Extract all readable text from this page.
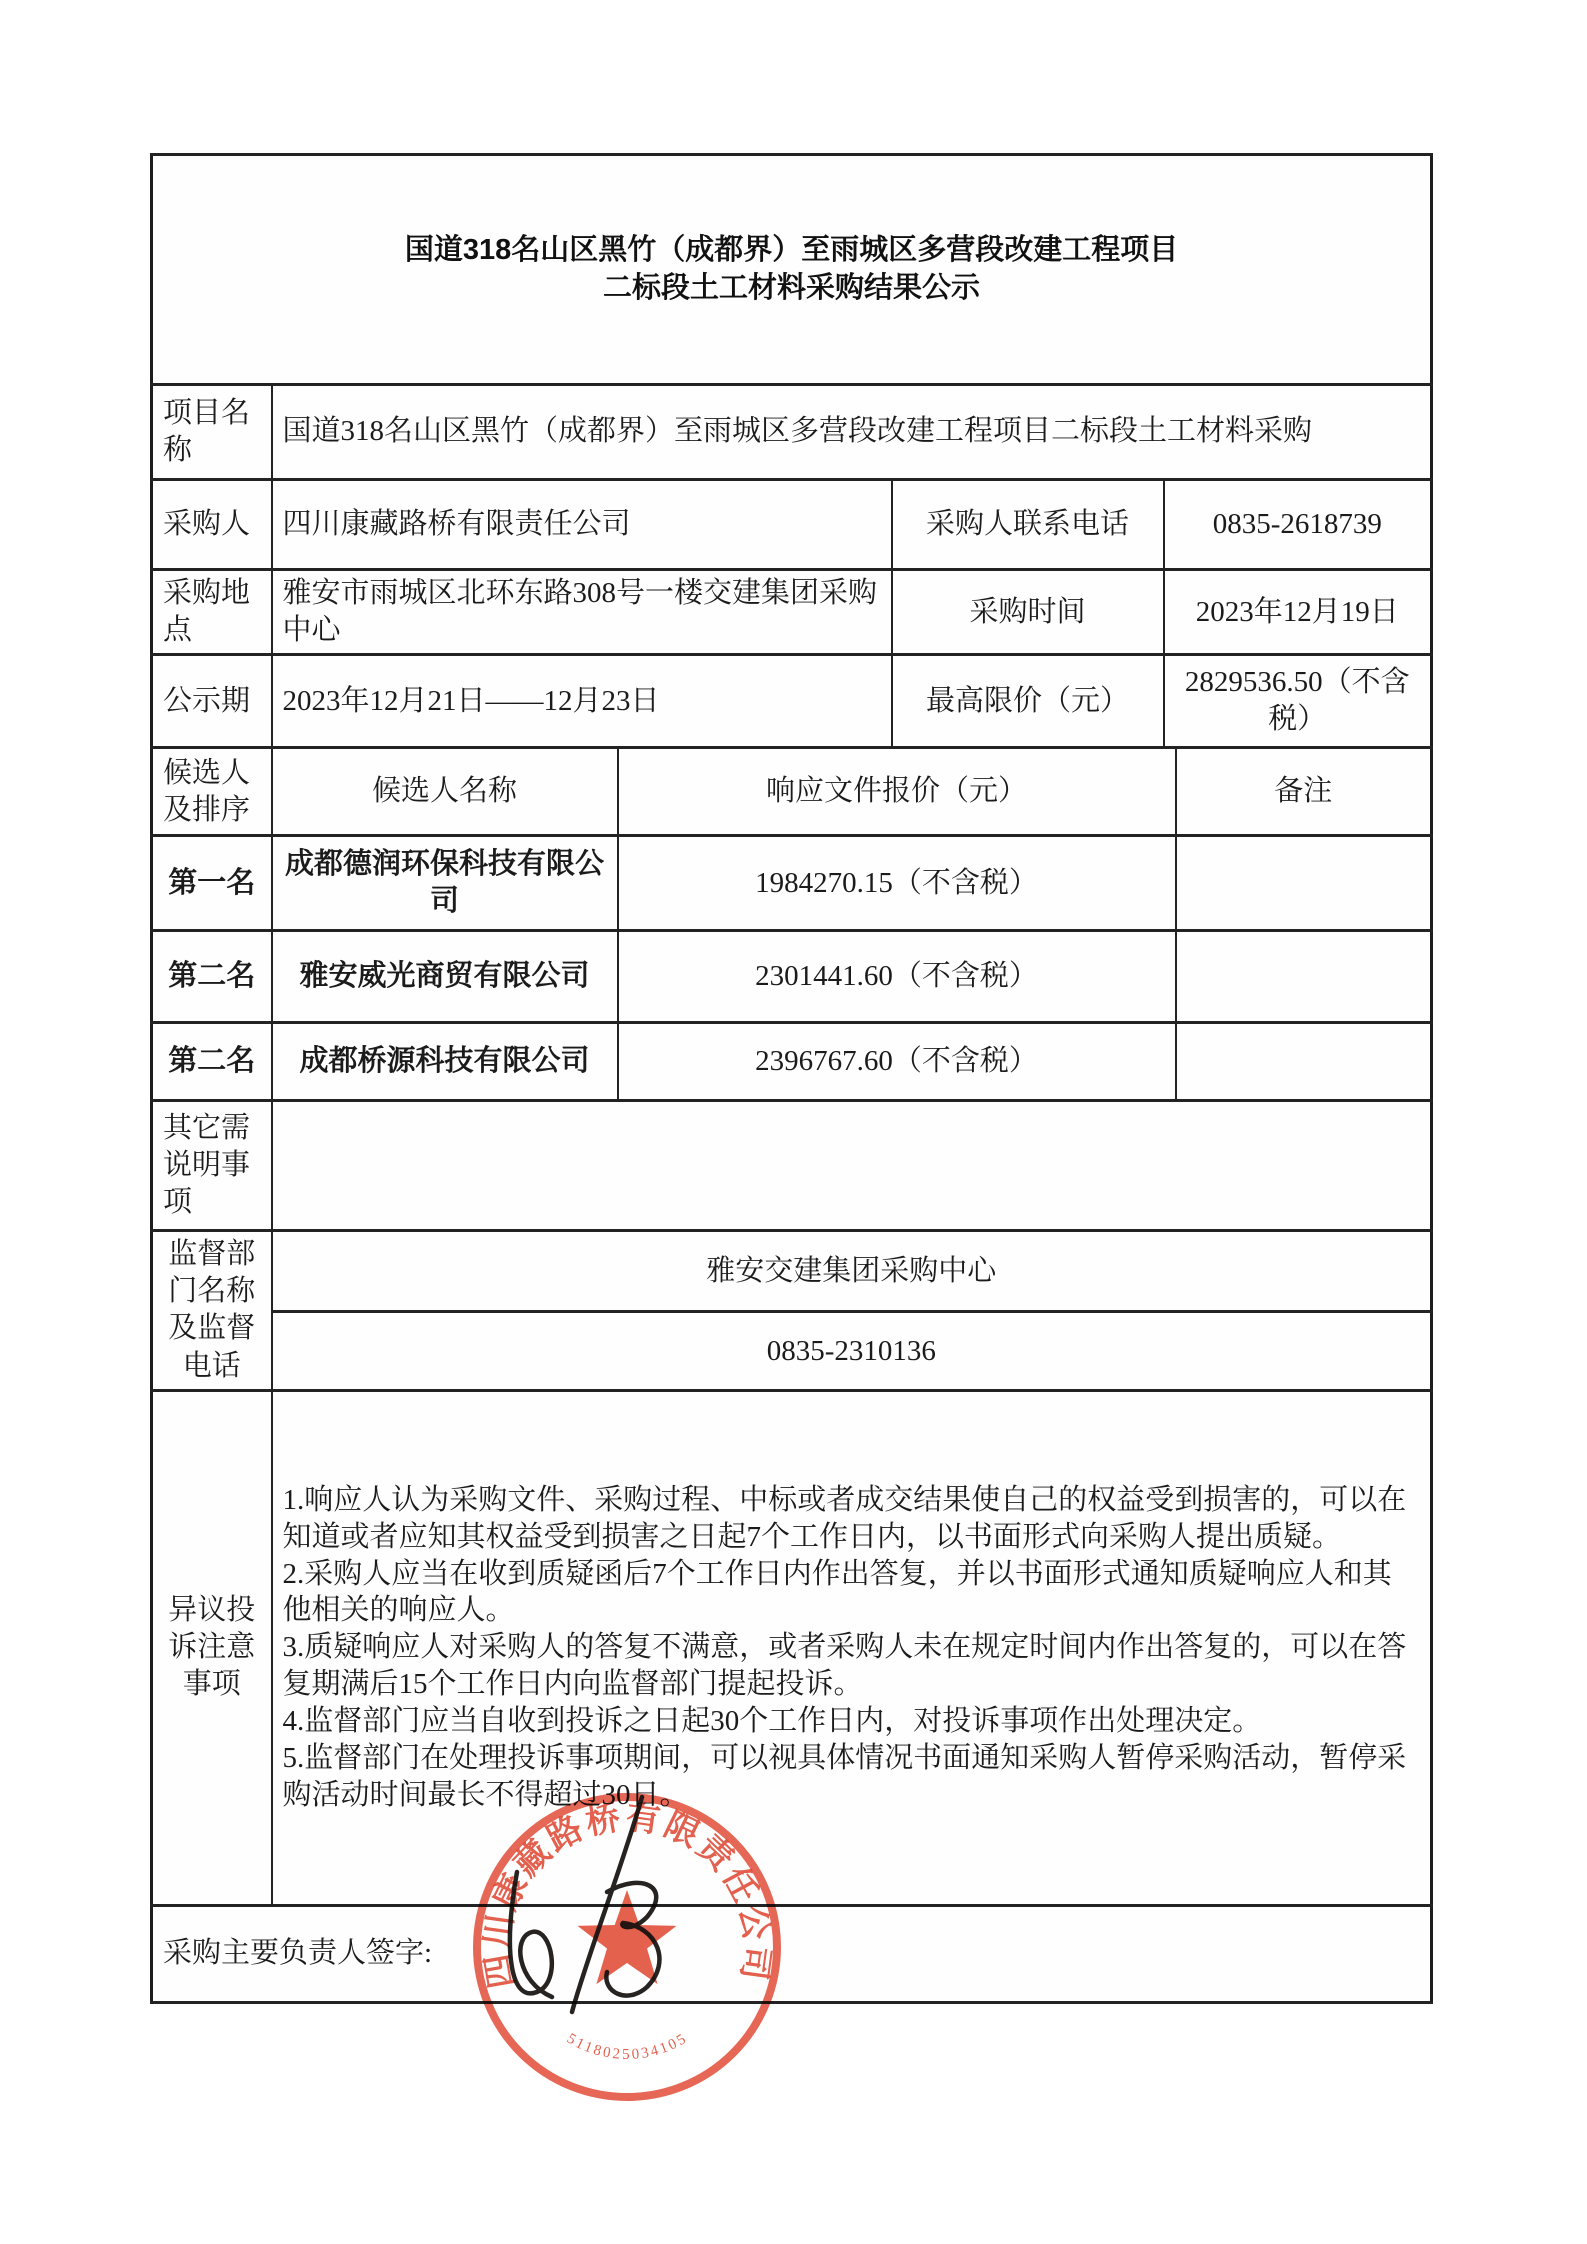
国道318名山区黑竹（成都界）至雨城区多营段改建工程项目
二标段土工材料采购结果公示					

项目名称	国道318名山区黑竹（成都界）至雨城区多营段改建工程项目二标段土工材料采购				
采购人	四川康藏路桥有限责任公司		采购人联系电话	0835-2618739	
采购地点	雅安市雨城区北环东路308号一楼交建集团采购中心		采购时间	2023年12月19日	
公示期	2023年12月21日——12月23日		最高限价（元）	2829536.50（不含税）	
候选人及排序	候选人名称	响应文件报价（元）			备注
第一名	成都德润环保科技有限公司	1984270.15（不含税）			
第二名	雅安威光商贸有限公司	2301441.60（不含税）			
第二名	成都桥源科技有限公司	2396767.60（不含税）			
其它需说明事项					
监督部门名称及监督电话	雅安交建集团采购中心				
	0835-2310136				
异议投诉注意事项	1.响应人认为采购文件、采购过程、中标或者成交结果使自己的权益受到损害的，可以在知道或者应知其权益受到损害之日起7个工作日内，以书面形式向采购人提出质疑。

2.采购人应当在收到质疑函后7个工作日内作出答复，并以书面形式通知质疑响应人和其他相关的响应人。

3.质疑响应人对采购人的答复不满意，或者采购人未在规定时间内作出答复的，可以在答复期满后15个工作日内向监督部门提起投诉。

4.监督部门应当自收到投诉之日起30个工作日内，对投诉事项作出处理决定。

5.监督部门在处理投诉事项期间，可以视具体情况书面通知采购人暂停采购活动，暂停采购活动时间最长不得超过30日。				

采购主要负责人签字:					四川康藏路桥有限责任公司
5118025034105
